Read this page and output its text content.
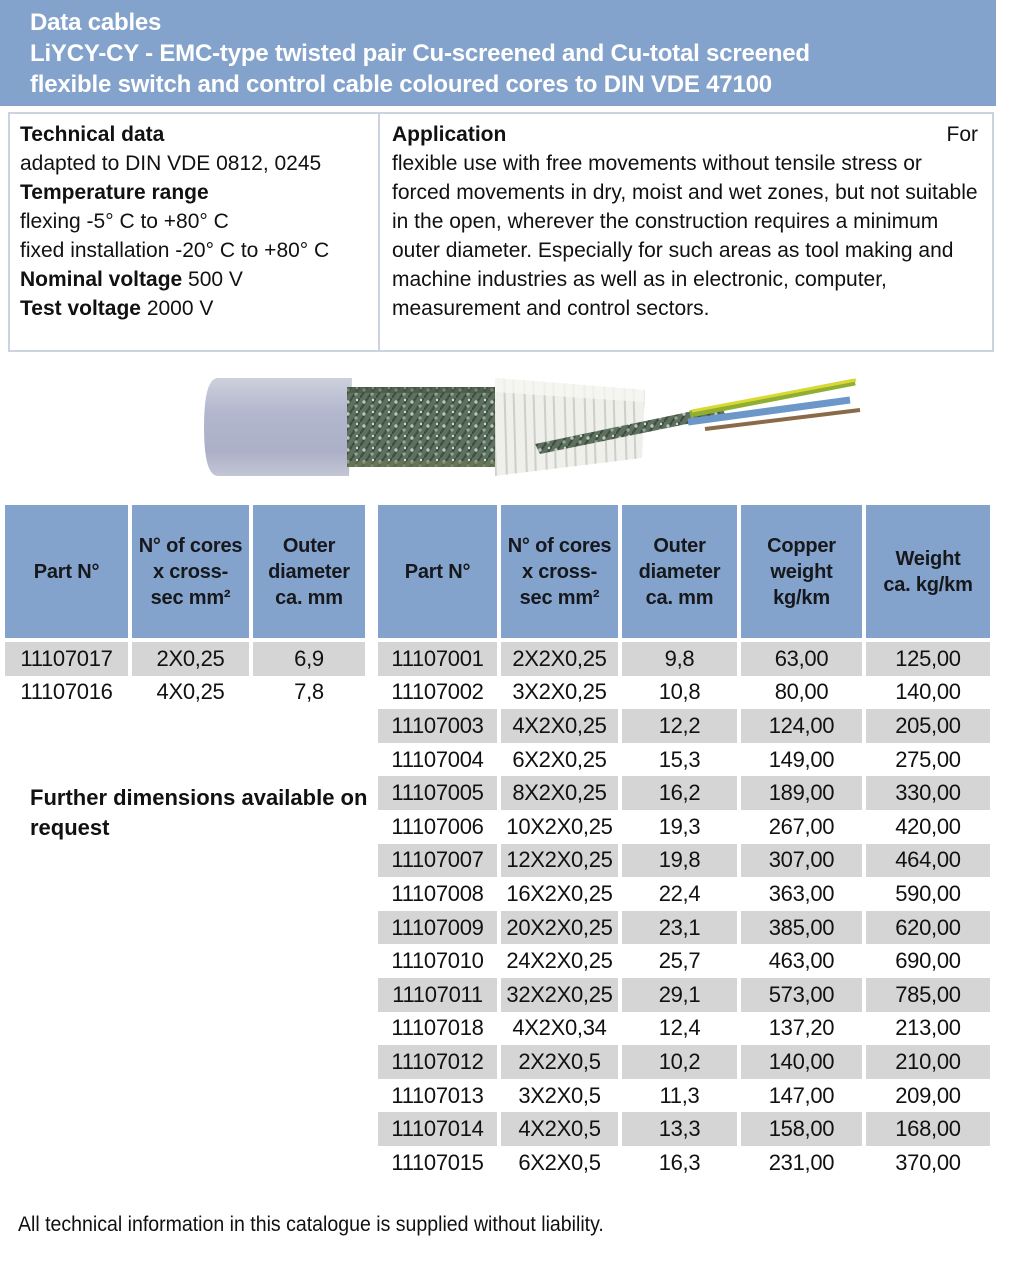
Data cables
LiYCY-CY - EMC-type twisted pair Cu-screened and Cu-total screened
flexible switch and control cable coloured cores to DIN VDE 47100
Technical data
adapted to DIN VDE 0812, 0245
Temperature range
flexing -5° C to +80° C
fixed installation -20° C to +80° C
Nominal voltage 500 V
Test voltage 2000 V
Application	For
flexible use with free movements without tensile stress or forced movements in dry, moist and wet zones, but not suitable in the open, wherever the construction requires a minimum outer diameter. Especially for such areas as tool making and machine industries as well as in electronic, computer, measurement and control sectors.
Part N°
N° of cores
x cross-
sec mm²
Outer
diameter
ca. mm
11107017	2X0,25	6,9
11107016	4X0,25	7,8
Part N°
N° of cores
x cross-
sec mm²
Outer
diameter
ca. mm
Copper
weight
kg/km
Weight
ca. kg/km
11107001	2X2X0,25	9,8	63,00	125,00
11107002	3X2X0,25	10,8	80,00	140,00
11107003	4X2X0,25	12,2	124,00	205,00
11107004	6X2X0,25	15,3	149,00	275,00
11107005	8X2X0,25	16,2	189,00	330,00
11107006	10X2X0,25	19,3	267,00	420,00
11107007	12X2X0,25	19,8	307,00	464,00
11107008	16X2X0,25	22,4	363,00	590,00
11107009	20X2X0,25	23,1	385,00	620,00
11107010	24X2X0,25	25,7	463,00	690,00
11107011	32X2X0,25	29,1	573,00	785,00
11107018	4X2X0,34	12,4	137,20	213,00
11107012	2X2X0,5	10,2	140,00	210,00
11107013	3X2X0,5	11,3	147,00	209,00
11107014	4X2X0,5	13,3	158,00	168,00
11107015	6X2X0,5	16,3	231,00	370,00
Further dimensions available on request
All technical information in this catalogue is supplied without liability.
